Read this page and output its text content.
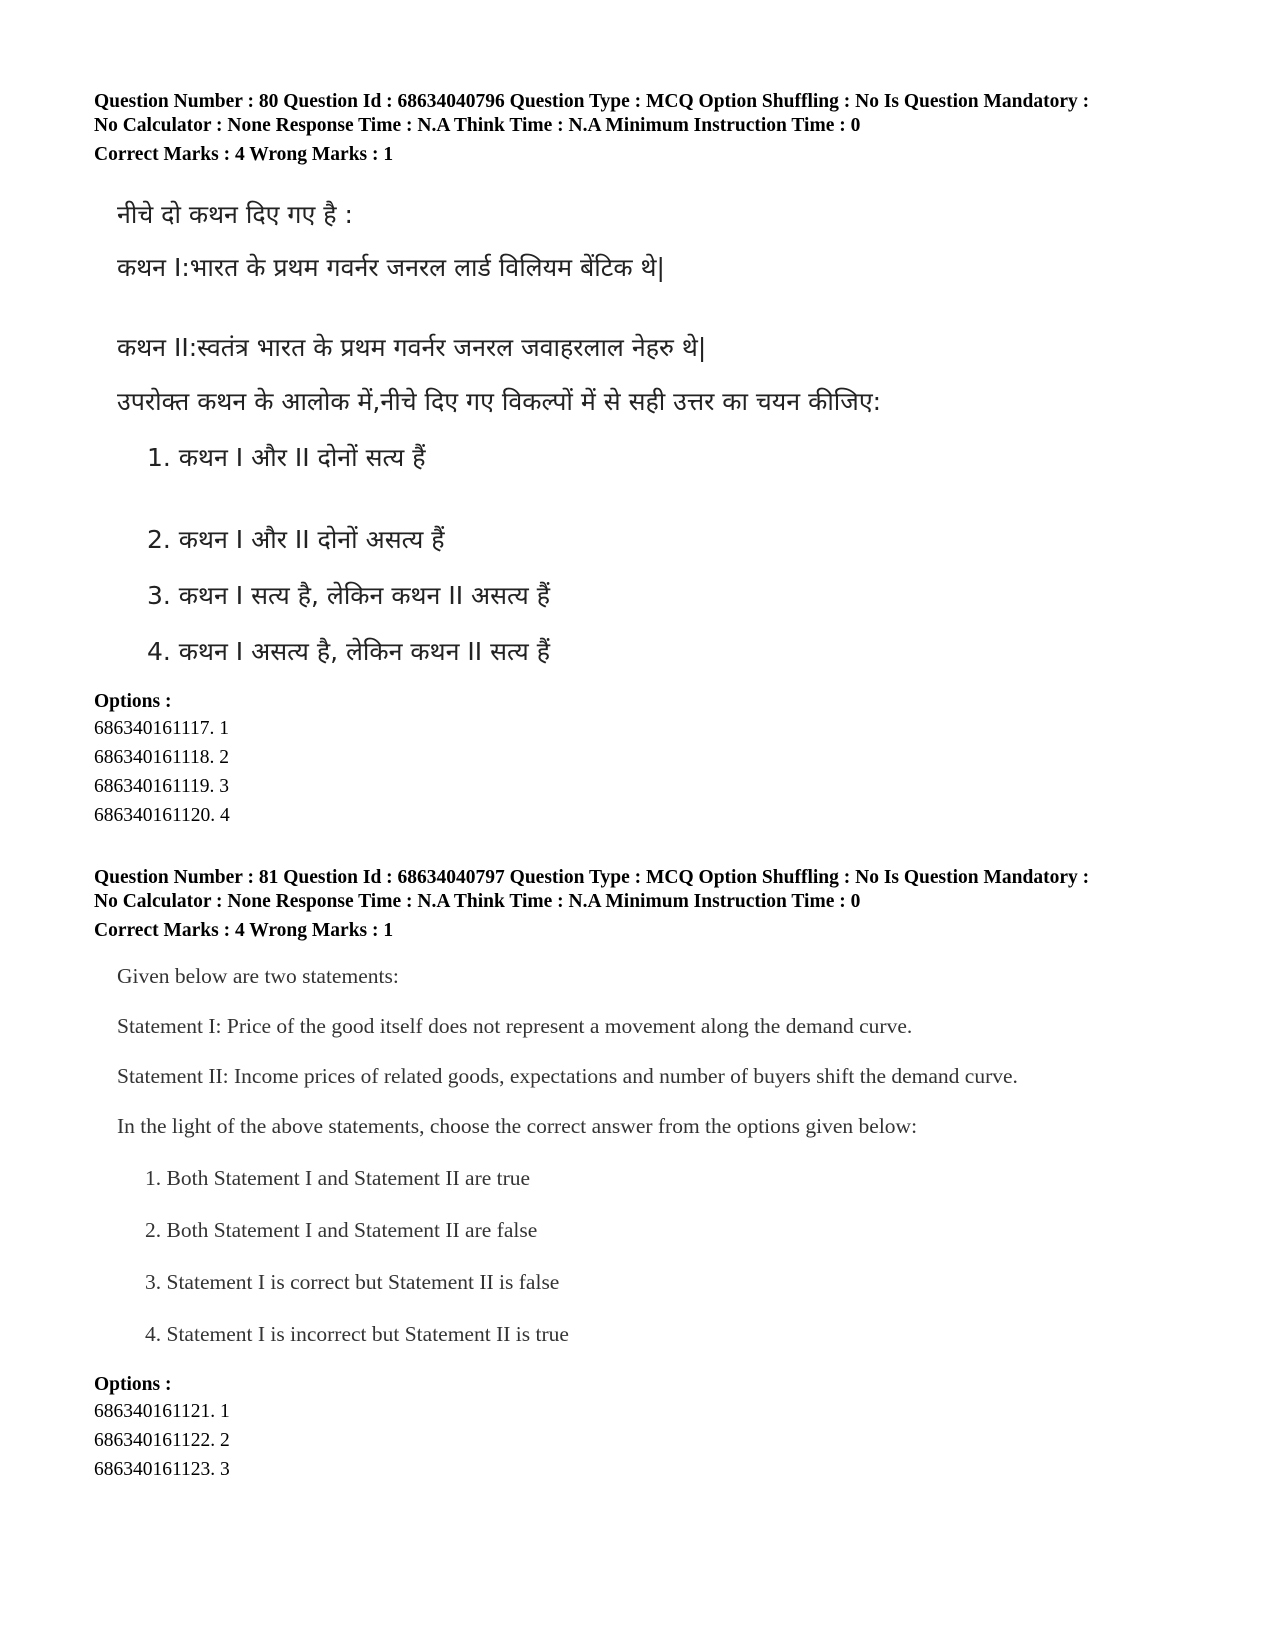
Question Number : 80 Question Id : 68634040796 Question Type : MCQ Option Shuffling : No Is Question Mandatory :

No Calculator : None Response Time : N.A Think Time : N.A Minimum Instruction Time : 0

Correct Marks : 4 Wrong Marks : 1

नीचे दो कथन दिए गए है :
कथन I:भारत के प्रथम गवर्नर जनरल लार्ड विलियम बेंटिक थे|
कथन II:स्वतंत्र भारत के प्रथम गवर्नर जनरल जवाहरलाल नेहरु थे|
उपरोक्त कथन के आलोक में,नीचे दिए गए विकल्पों में से सही उत्तर का चयन कीजिए:
1. कथन I और II दोनों सत्य हैं
2. कथन I और II दोनों असत्य हैं
3. कथन I सत्य है, लेकिन कथन II असत्य हैं
4. कथन I असत्य है, लेकिन कथन II सत्य हैं
Options :
686340161117. 1
686340161118. 2
686340161119. 3
686340161120. 4

Question Number : 81 Question Id : 68634040797 Question Type : MCQ Option Shuffling : No Is Question Mandatory :

No Calculator : None Response Time : N.A Think Time : N.A Minimum Instruction Time : 0

Correct Marks : 4 Wrong Marks : 1

Given below are two statements:
Statement I: Price of the good itself does not represent a movement along the demand curve.
Statement II: Income prices of related goods, expectations and number of buyers shift the demand curve.
In the light of the above statements, choose the correct answer from the options given below:
1. Both Statement I and Statement II are true
2. Both Statement I and Statement II are false
3. Statement I is correct but Statement II is false
4. Statement I is incorrect but Statement II is true
Options :
686340161121. 1
686340161122. 2
686340161123. 3
